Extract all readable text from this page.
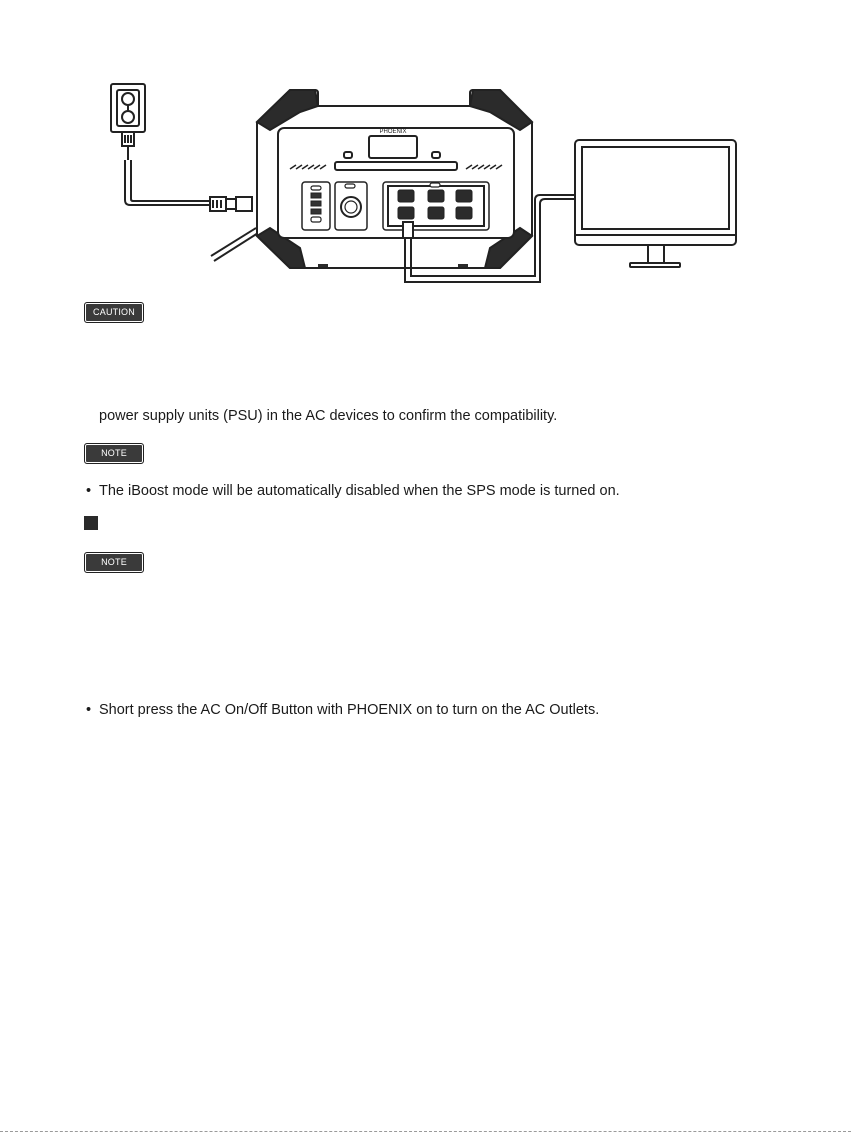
PHOENIX
CAUTION
power supply units (PSU) in the AC devices to confirm the compatibility.
NOTE
• The iBoost mode will be automatically disabled when the SPS mode is turned on.
NOTE
• Short press the AC On/Off Button with PHOENIX on to turn on the AC Outlets.
